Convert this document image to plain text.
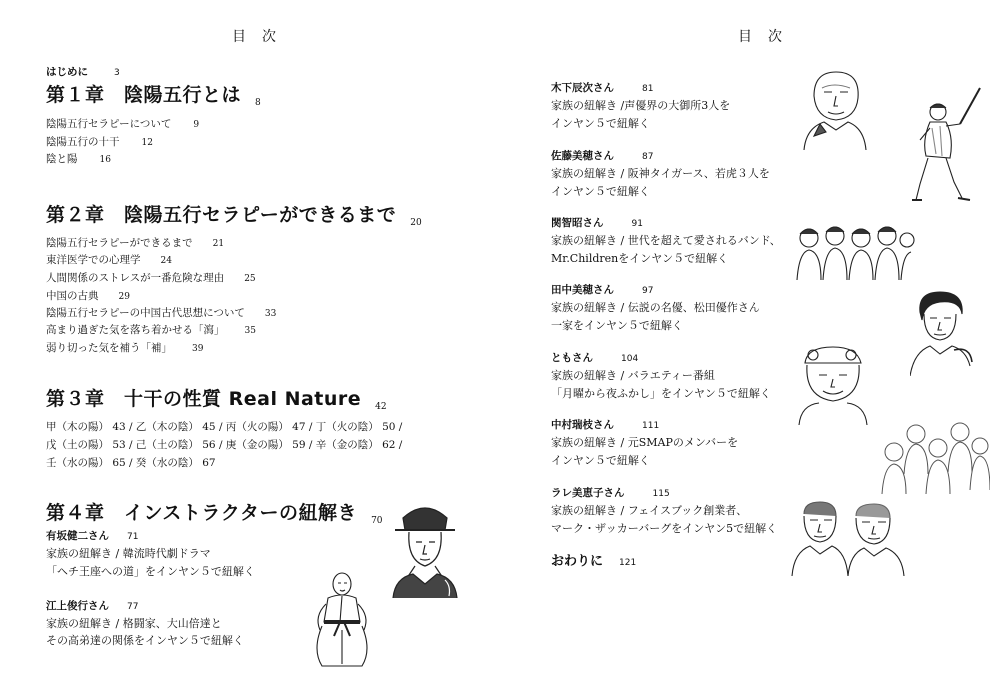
目次
はじめに	3
第１章　陰陽五行とは $_8$
陰陽五行セラピーについて 9
陰陽五行の十干 12
陰と陽 16
第２章　陰陽五行セラピーができるまで $_{20}$
陰陽五行セラピーができるまで 21
東洋医学での心理学 24
人間関係のストレスが一番危険な理由 25
中国の古典 29
陰陽五行セラピーの中国古代思想について 33
高まり過ぎた気を落ち着かせる「瀉」 35
弱り切った気を補う「補」 39
第３章　十干の性質 Real Nature $_{42}$
甲（木の陽） 43 / 乙（木の陰） 45 / 丙（火の陽） 47 / 丁（火の陰） 50 /
戊（土の陽） 53 / 己（土の陰） 56 / 庚（金の陽） 59 / 辛（金の陰） 62 /
壬（水の陽） 65 / 癸（水の陰） 67
第４章　インストラクターの紐解き $_{70}$
有坂健二さん 71
家族の紐解き / 韓流時代劇ドラマ
「ヘチ王座への道」をインヤン５で紐解く
江上俊行さん 77
家族の紐解き / 格闘家、大山倍達と
その高弟達の関係をインヤン５で紐解く
目次
木下辰次さん	81
家族の紐解き /声優界の大御所3人を
インヤン５で紐解く
佐藤美穂さん	87
家族の紐解き / 阪神タイガース、若虎３人を
インヤン５で紐解く
関智昭さん	91
家族の紐解き / 世代を超えて愛されるバンド、
Mr.Childrenをインヤン５で紐解く
田中美穂さん	97
家族の紐解き / 伝説の名優、松田優作さん
一家をインヤン５で紐解く
ともさん	104
家族の紐解き / バラエティー番組
「月曜から夜ふかし」をインヤン５で紐解く
中村瑞枝さん	111
家族の紐解き / 元SMAPのメンバーを
インヤン５で紐解く
ラレ美恵子さん	115
家族の紐解き / フェイスブック創業者、
マーク・ザッカーバーグをインヤン5で紐解く
おわりに 121
